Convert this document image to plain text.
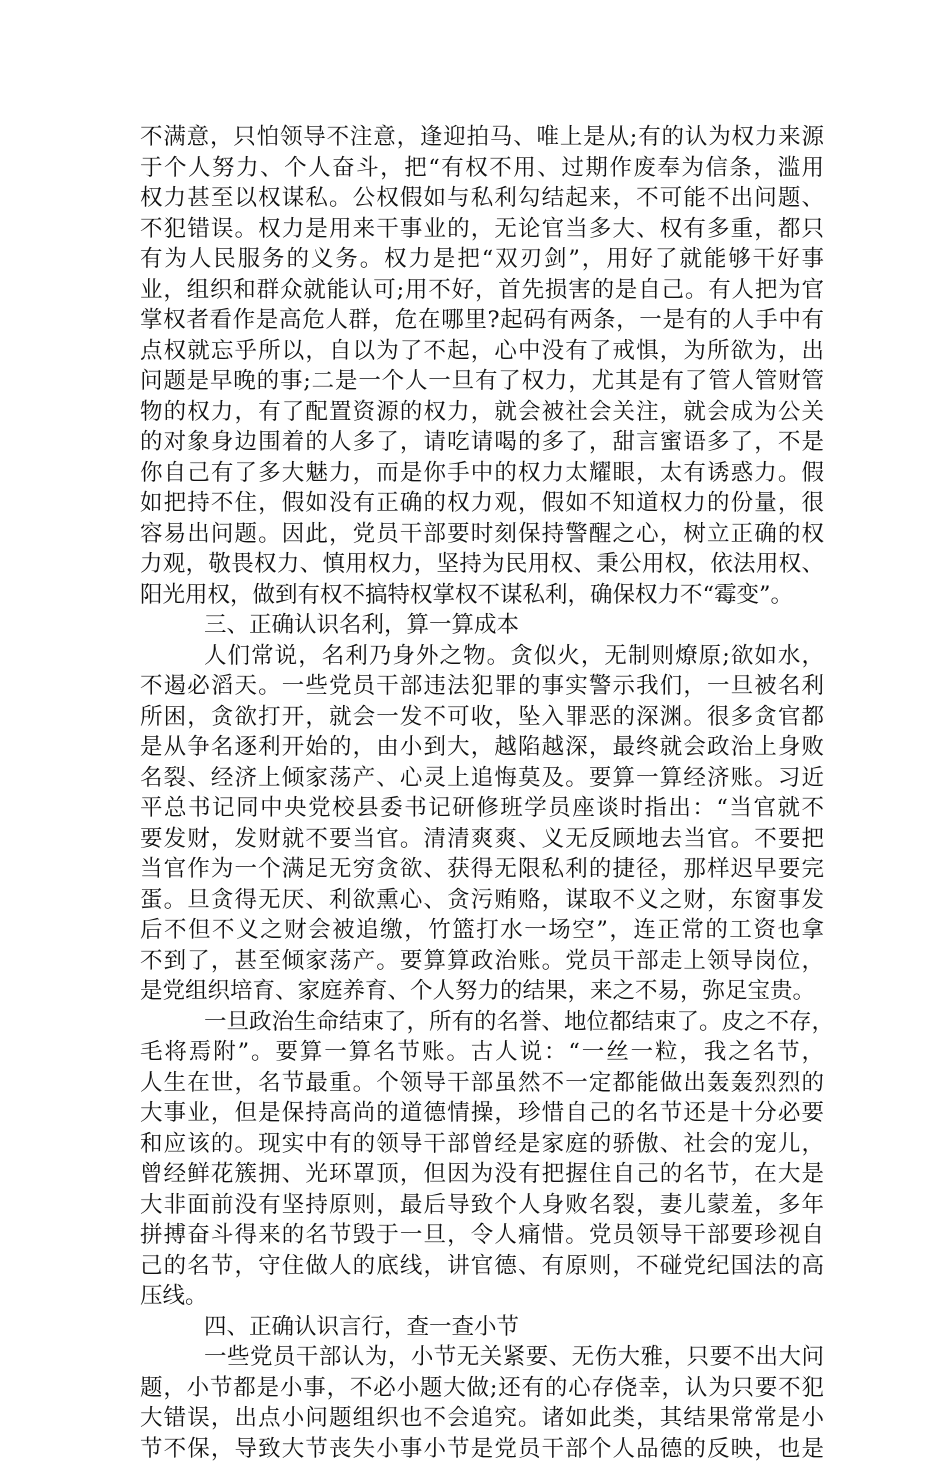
不满意，只怕领导不注意，逢迎拍马、唯上是从;有的认为权力来源
于个人努力、个人奋斗，把“有权不用、过期作废奉为信条，滥用
权力甚至以权谋私。公权假如与私利勾结起来，不可能不出问题、
不犯错误。权力是用来干事业的，无论官当多大、权有多重，都只
有为人民服务的义务。权力是把“双刃剑”，用好了就能够干好事
业，组织和群众就能认可;用不好，首先损害的是自己。有人把为官
掌权者看作是高危人群，危在哪里?起码有两条，一是有的人手中有
点权就忘乎所以，自以为了不起，心中没有了戒惧，为所欲为，出
问题是早晚的事;二是一个人一旦有了权力，尤其是有了管人管财管
物的权力，有了配置资源的权力，就会被社会关注，就会成为公关
的对象身边围着的人多了，请吃请喝的多了，甜言蜜语多了，不是
你自己有了多大魅力，而是你手中的权力太耀眼，太有诱惑力。假
如把持不住，假如没有正确的权力观，假如不知道权力的份量，很
容易出问题。因此，党员干部要时刻保持警醒之心，树立正确的权
力观，敬畏权力、慎用权力，坚持为民用权、秉公用权，依法用权、
阳光用权，做到有权不搞特权掌权不谋私利，确保权力不“霉变”。
三、正确认识名利，算一算成本
人们常说，名利乃身外之物。贪似火，无制则燎原;欲如水，
不遏必滔天。一些党员干部违法犯罪的事实警示我们，一旦被名利
所困，贪欲打开，就会一发不可收，坠入罪恶的深渊。很多贪官都
是从争名逐利开始的，由小到大，越陷越深，最终就会政治上身败
名裂、经济上倾家荡产、心灵上追悔莫及。要算一算经济账。习近
平总书记同中央党校县委书记研修班学员座谈时指出：“当官就不
要发财，发财就不要当官。清清爽爽、义无反顾地去当官。不要把
当官作为一个满足无穷贪欲、获得无限私利的捷径，那样迟早要完
蛋。旦贪得无厌、利欲熏心、贪污贿赂，谋取不义之财，东窗事发
后不但不义之财会被追缴，竹篮打水一场空”，连正常的工资也拿
不到了，甚至倾家荡产。要算算政治账。党员干部走上领导岗位，
是党组织培育、家庭养育、个人努力的结果，来之不易，弥足宝贵。
一旦政治生命结束了，所有的名誉、地位都结束了。皮之不存，
毛将焉附”。要算一算名节账。古人说：“一丝一粒，我之名节，
人生在世，名节最重。个领导干部虽然不一定都能做出轰轰烈烈的
大事业，但是保持高尚的道德情操，珍惜自己的名节还是十分必要
和应该的。现实中有的领导干部曾经是家庭的骄傲、社会的宠儿，
曾经鲜花簇拥、光环罩顶，但因为没有把握住自己的名节，在大是
大非面前没有坚持原则，最后导致个人身败名裂，妻儿蒙羞，多年
拼搏奋斗得来的名节毁于一旦，令人痛惜。党员领导干部要珍视自
己的名节，守住做人的底线，讲官德、有原则，不碰党纪国法的高
压线。
四、正确认识言行，查一查小节
一些党员干部认为，小节无关紧要、无伤大雅，只要不出大问
题，小节都是小事，不必小题大做;还有的心存侥幸，认为只要不犯
大错误，出点小问题组织也不会追究。诸如此类，其结果常常是小
节不保，导致大节丧失小事小节是党员干部个人品德的反映，也是
